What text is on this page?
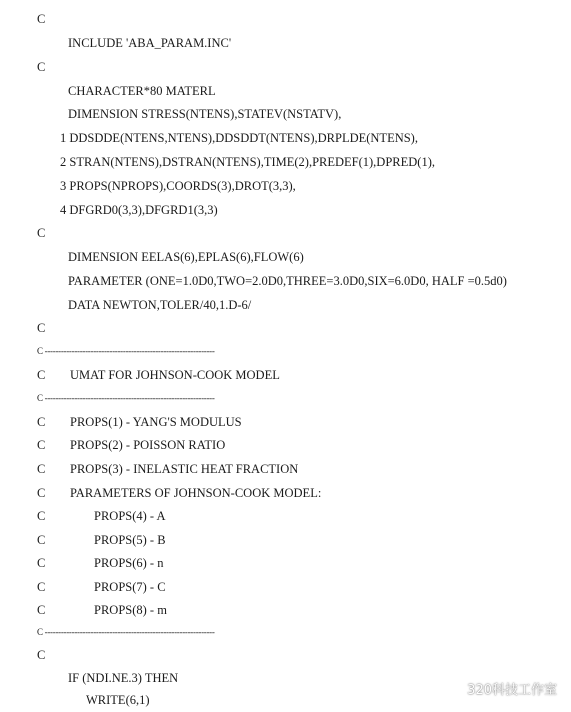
C
INCLUDE 'ABA_PARAM.INC'
C
CHARACTER*80 MATERL
DIMENSION STRESS(NTENS),STATEV(NSTATV),
1 DDSDDE(NTENS,NTENS),DDSDDT(NTENS),DRPLDE(NTENS),
2 STRAN(NTENS),DSTRAN(NTENS),TIME(2),PREDEF(1),DPRED(1),
3 PROPS(NPROPS),COORDS(3),DROT(3,3),
4 DFGRD0(3,3),DFGRD1(3,3)
C
DIMENSION EELAS(6),EPLAS(6),FLOW(6)
PARAMETER (ONE=1.0D0,TWO=2.0D0,THREE=3.0D0,SIX=6.0D0, HALF =0.5d0)
DATA NEWTON,TOLER/40,1.D-6/
C
C ---------------------------------------------------------------
C UMAT FOR JOHNSON-COOK MODEL
C ---------------------------------------------------------------
C PROPS(1) - YANG'S MODULUS
C PROPS(2) - POISSON RATIO
C PROPS(3) - INELASTIC HEAT FRACTION
C PARAMETERS OF JOHNSON-COOK MODEL:
C	PROPS(4) - A
C	PROPS(5) - B
C	PROPS(6) - n
C	PROPS(7) - C
C	PROPS(8) - m
C ---------------------------------------------------------------
C
IF (NDI.NE.3) THEN
WRITE(6,1)
320科技工作室
